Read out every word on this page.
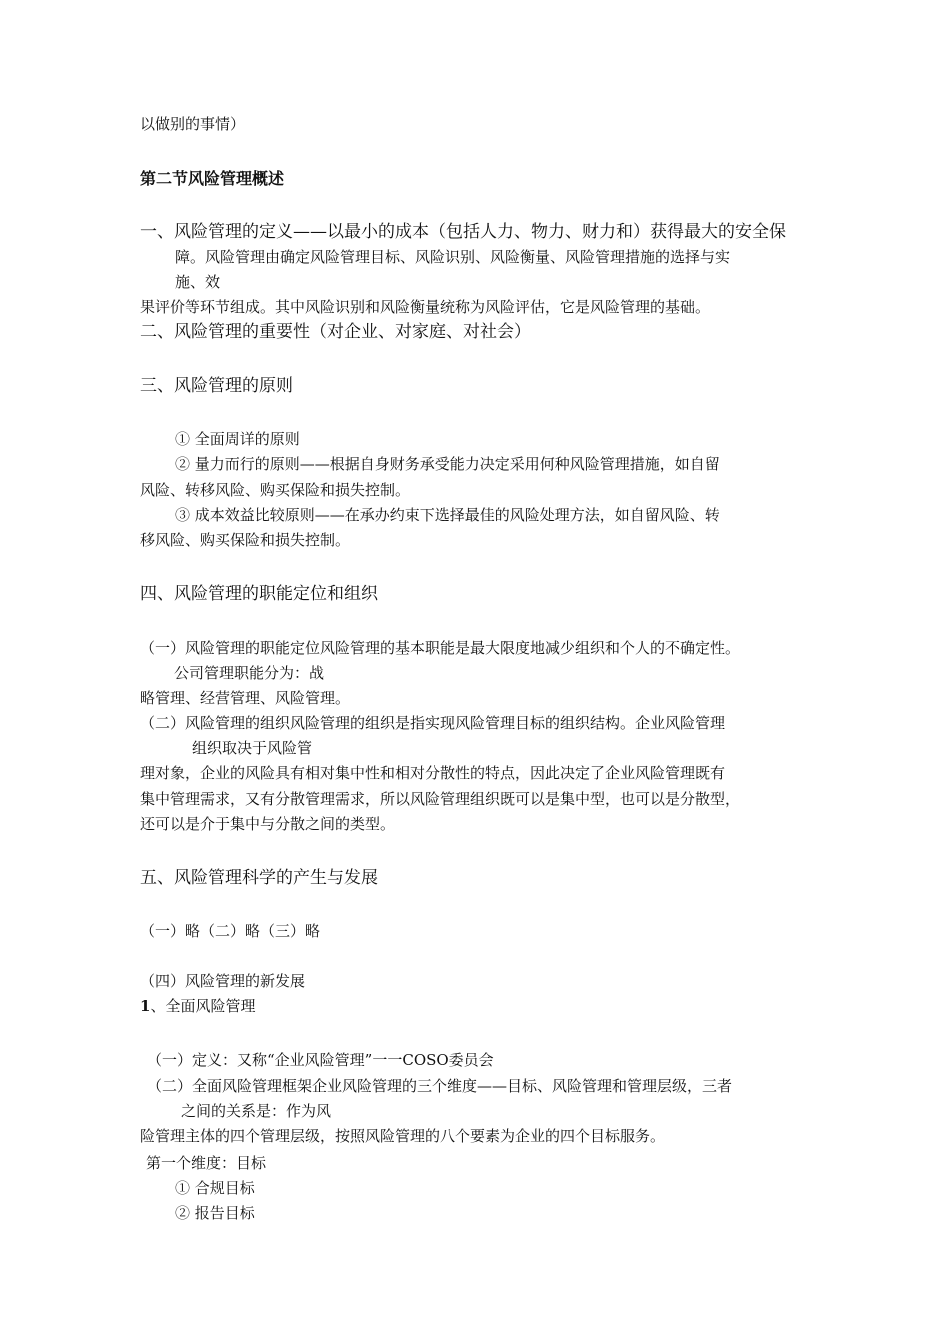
以做别的事情）
第二节风险管理概述
一、风险管理的定义——以最小的成本（包括人力、物力、财力和）获得最大的安全保
障。风险管理由确定风险管理目标、风险识别、风险衡量、风险管理措施的选择与实
施、效
果评价等环节组成。其中风险识别和风险衡量统称为风险评估，它是风险管理的基础。
二、风险管理的重要性（对企业、对家庭、对社会）
三、风险管理的原则
① 全面周详的原则
② 量力而行的原则——根据自身财务承受能力决定采用何种风险管理措施，如自留
风险、转移风险、购买保险和损失控制。
③ 成本效益比较原则——在承办约束下选择最佳的风险处理方法，如自留风险、转
移风险、购买保险和损失控制。
四、风险管理的职能定位和组织
（一）风险管理的职能定位风险管理的基本职能是最大限度地减少组织和个人的不确定性。
公司管理职能分为：战
略管理、经营管理、风险管理。
（二）风险管理的组织风险管理的组织是指实现风险管理目标的组织结构。企业风险管理
组织取决于风险管
理对象，企业的风险具有相对集中性和相对分散性的特点，因此决定了企业风险管理既有
集中管理需求，又有分散管理需求，所以风险管理组织既可以是集中型，也可以是分散型，
还可以是介于集中与分散之间的类型。
五、风险管理科学的产生与发展
（一）略（二）略（三）略
（四）风险管理的新发展
1、全面风险管理
（一）定义：又称“企业风险管理”一一COSO委员会
（二）全面风险管理框架企业风险管理的三个维度——目标、风险管理和管理层级，三者
之间的关系是：作为风
险管理主体的四个管理层级，按照风险管理的八个要素为企业的四个目标服务。
第一个维度：目标
① 合规目标
② 报告目标
